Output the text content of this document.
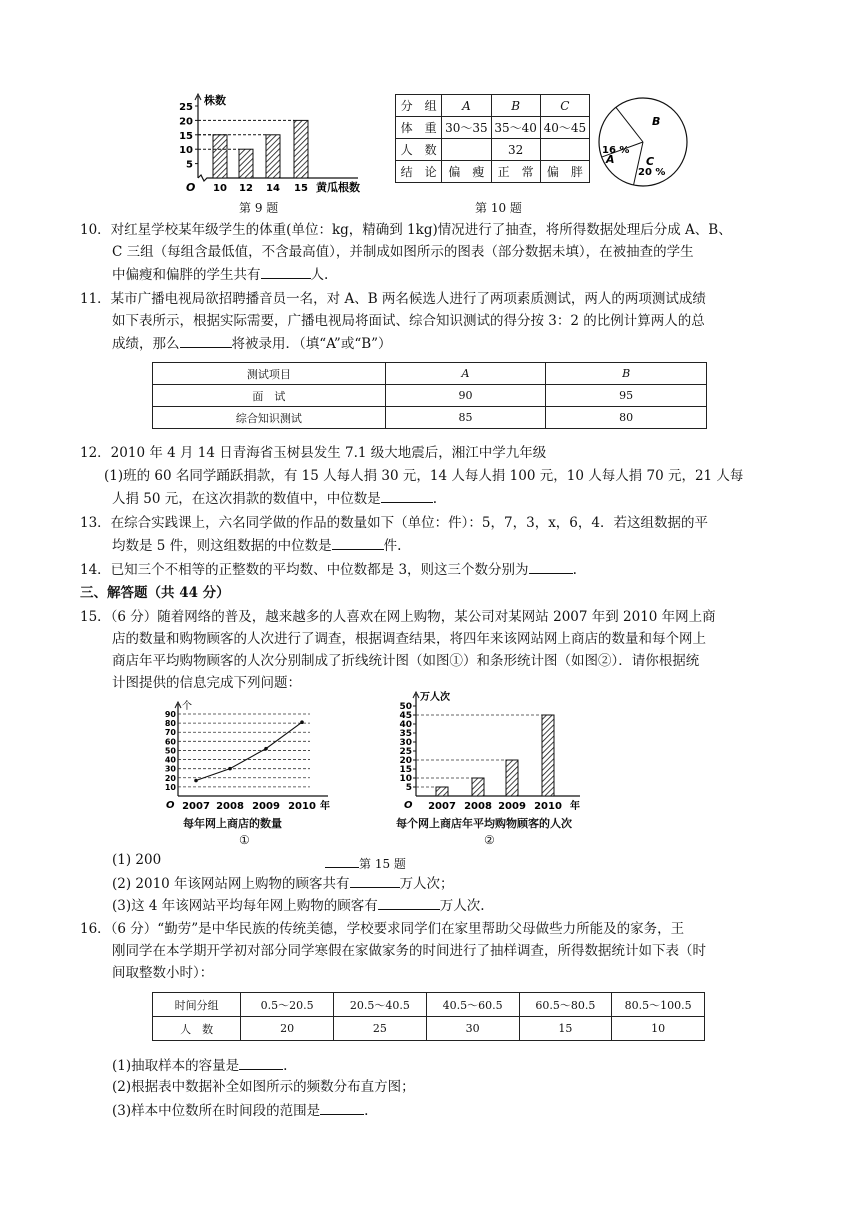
5
10
15
20
25
10 12 14 15
株数
黄瓜根数
O
第 9 题
分　组	A	B	C
体　重	30～35	35～40	40～45
人　数		32	
结　论	偏　瘦	正　常	偏　胖
A
16 %
B
C
20 %
第 10 题
10．对红星学校某年级学生的体重(单位：kg，精确到 1kg)情况进行了抽查，将所得数据处理后分成 A、B、
C 三组（每组含最低值，不含最高值），并制成如图所示的图表（部分数据未填），在被抽查的学生
中偏瘦和偏胖的学生共有	人.
11．某市广播电视局欲招聘播音员一名，对 A、B 两名候选人进行了两项素质测试，两人的两项测试成绩
如下表所示，根据实际需要，广播电视局将面试、综合知识测试的得分按 3：2 的比例计算两人的总
成绩，那么	将被录用．（填“A”或“B”）
测试项目	A	B
面　试	90	95
综合知识测试	85	80
12．2010 年 4 月 14 日青海省玉树县发生 7.1 级大地震后，湘江中学九年级
(1)班的 60 名同学踊跃捐款，有 15 人每人捐 30 元，14 人每人捐 100 元，10 人每人捐 70 元，21 人每
人捐 50 元，在这次捐款的数值中，中位数是	.
13．在综合实践课上，六名同学做的作品的数量如下（单位：件）：5，7，3，x，6，4．若这组数据的平
均数是 5 件，则这组数据的中位数是	件.
14．已知三个不相等的正整数的平均数、中位数都是 3，则这三个数分别为	.
三、解答题（共 44 分）
15．（6 分）随着网络的普及，越来越多的人喜欢在网上购物，某公司对某网站 2007 年到 2010 年网上商
店的数量和购物顾客的人次进行了调查，根据调查结果，将四年来该网站网上商店的数量和每个网上
商店年平均购物顾客的人次分别制成了折线统计图（如图①）和条形统计图（如图②）．请你根据统
计图提供的信息完成下列问题：
10
20
30
40
50
60
70
80
90
2007 2008 2009 2010 年
个
O
每年网上商店的数量
①
5
10
15
20
25
30
35
40
45
50
2007 2008 2009 2010 年
万人次
O
每个网上商店年平均购物顾客的人次
②
(1) 200	第 15 题
(2) 2010 年该网站网上购物的顾客共有	万人次；
(3)这 4 年该网站平均每年网上购物的顾客有	万人次.
16．（6 分）“勤劳”是中华民族的传统美德，学校要求同学们在家里帮助父母做些力所能及的家务，王
刚同学在本学期开学初对部分同学寒假在家做家务的时间进行了抽样调查，所得数据统计如下表（时
间取整数小时）：
时间分组	0.5～20.5	20.5～40.5	40.5～60.5	60.5～80.5	80.5～100.5
人　数	20	25	30	15	10
(1)抽取样本的容量是	.
(2)根据表中数据补全如图所示的频数分布直方图；
(3)样本中位数所在时间段的范围是	.
